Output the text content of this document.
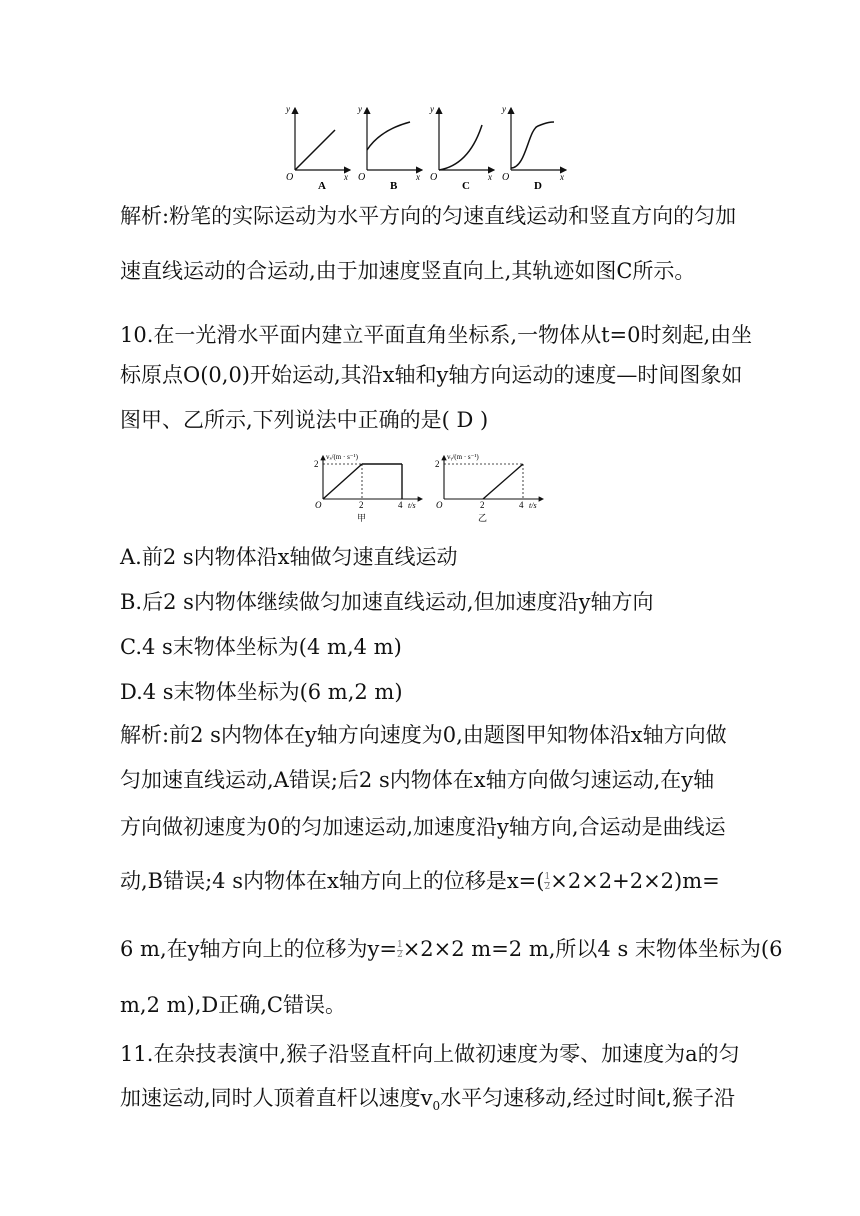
y
x
O
A
y
x
O
B
y
x
O
C
y
x
O
D
解析:粉笔的实际运动为水平方向的匀速直线运动和竖直方向的匀加
速直线运动的合运动,由于加速度竖直向上,其轨迹如图C所示。
10.在一光滑水平面内建立平面直角坐标系,一物体从t=0时刻起,由坐
标原点O(0,0)开始运动,其沿x轴和y轴方向运动的速度—时间图象如
图甲、乙所示,下列说法中正确的是( D )
vₓ/(m · s⁻¹)
2
O	2	4 t/s
甲
vᵧ/(m · s⁻¹)
2
O	2	4 t/s
乙
A.前2 s内物体沿x轴做匀速直线运动
B.后2 s内物体继续做匀加速直线运动,但加速度沿y轴方向
C.4 s末物体坐标为(4 m,4 m)
D.4 s末物体坐标为(6 m,2 m)
解析:前2 s内物体在y轴方向速度为0,由题图甲知物体沿x轴方向做
匀加速直线运动,A错误;后2 s内物体在x轴方向做匀速运动,在y轴
方向做初速度为0的匀加速运动,加速度沿y轴方向,合运动是曲线运
动,B错误;4 s内物体在x轴方向上的位移是$x=( \frac{1}{2} \times 2\times 2+2\times 2)m=$
6 m,在y轴方向上的位移为$y= \frac{1}{2} \times 2\times 2$ m=2 m,所以4 s 末物体坐标为(6
m,2 m),D正确,C错误。
11.在杂技表演中,猴子沿竖直杆向上做初速度为零、加速度为a的匀
加速运动,同时人顶着直杆以速度$v_0$水平匀速移动,经过时间t,猴子沿
